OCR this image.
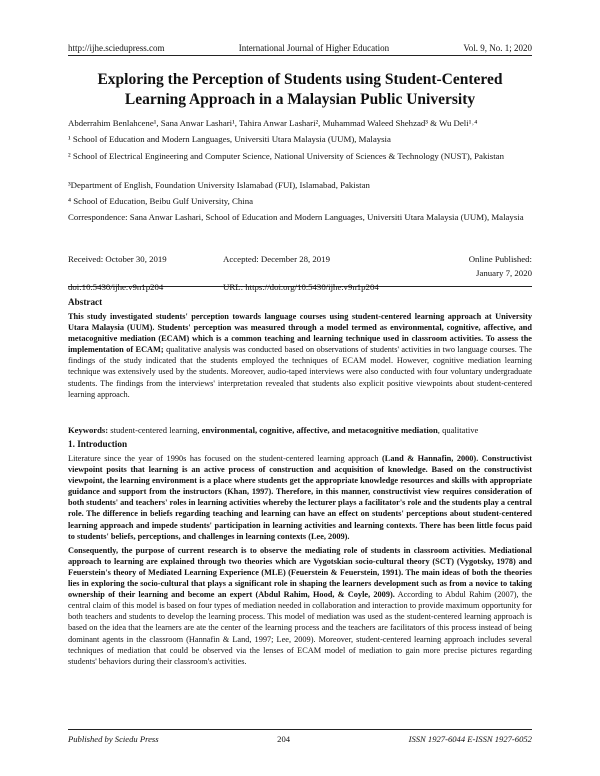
http://ijhe.sciedupress.com	International Journal of Higher Education	Vol. 9, No. 1; 2020
Exploring the Perception of Students using Student-Centered Learning Approach in a Malaysian Public University
Abderrahim Benlahcene¹, Sana Anwar Lashari¹, Tahira Anwar Lashari², Muhammad Waleed Shehzad³ & Wu Deli¹˒⁴
¹ School of Education and Modern Languages, Universiti Utara Malaysia (UUM), Malaysia
² School of Electrical Engineering and Computer Science, National University of Sciences & Technology (NUST), Pakistan
³Department of English, Foundation University Islamabad (FUI), Islamabad, Pakistan
⁴ School of Education, Beibu Gulf University, China
Correspondence: Sana Anwar Lashari, School of Education and Modern Languages, Universiti Utara Malaysia (UUM), Malaysia
Received: October 30, 2019	Accepted: December 28, 2019	Online Published: January 7, 2020
doi:10.5430/ijhe.v9n1p204	URL: https://doi.org/10.5430/ijhe.v9n1p204
Abstract
This study investigated students' perception towards language courses using student-centered learning approach at University Utara Malaysia (UUM). Students' perception was measured through a model termed as environmental, cognitive, affective, and metacognitive mediation (ECAM) which is a common teaching and learning technique used in classroom activities. To assess the implementation of ECAM; qualitative analysis was conducted based on observations of students' activities in two language courses. The findings of the study indicated that the students employed the techniques of ECAM model. However, cognitive mediation learning technique was extensively used by the students. Moreover, audio-taped interviews were also conducted with four voluntary undergraduate students. The findings from the interviews' interpretation revealed that students also explicit positive viewpoints about student-centered learning approach.
Keywords: student-centered learning, environmental, cognitive, affective, and metacognitive mediation, qualitative
1. Introduction

Literature since the year of 1990s has focused on the student-centered learning approach (Land & Hannafin, 2000). Constructivist viewpoint posits that learning is an active process of construction and acquisition of knowledge. Based on the constructivist viewpoint, the learning environment is a place where students get the appropriate knowledge resources and skills with appropriate guidance and support from the instructors (Khan, 1997). Therefore, in this manner, constructivist view requires consideration of both students' and teachers' roles in learning activities whereby the lecturer plays a facilitator's role and the students play a central role. The difference in beliefs regarding teaching and learning can have an effect on students' perceptions about student-centered learning approach and impede students' participation in learning activities and learning contexts. There has been little focus paid to students' beliefs, perceptions, and challenges in learning contexts (Lee, 2009).

Consequently, the purpose of current research is to observe the mediating role of students in classroom activities. Mediational approach to learning are explained through two theories which are Vygotskian socio-cultural theory (SCT) (Vygotsky, 1978) and Feuerstein's theory of Mediated Learning Experience (MLE) (Feuerstein & Feuerstein, 1991). The main ideas of both the theories lies in exploring the socio-cultural that plays a significant role in shaping the learners development such as from a novice to taking ownership of their learning and become an expert (Abdul Rahim, Hood, & Coyle, 2009). According to Abdul Rahim (2007), the central claim of this model is based on four types of mediation needed in collaboration and interaction to provide maximum opportunity for both teachers and students to develop the learning process. This model of mediation was used as the student-centered learning approach is based on the idea that the learners are ate the center of the learning process and the teachers are facilitators of this process instead of being dominant agents in the classroom (Hannafin & Land, 1997; Lee, 2009). Moreover, student-centered learning approach includes several techniques of mediation that could be observed via the lenses of ECAM model of mediation to gain more precise pictures regarding students' behaviors during their classroom's activities.

Published by Sciedu Press	204	ISSN 1927-6044 E-ISSN 1927-6052
